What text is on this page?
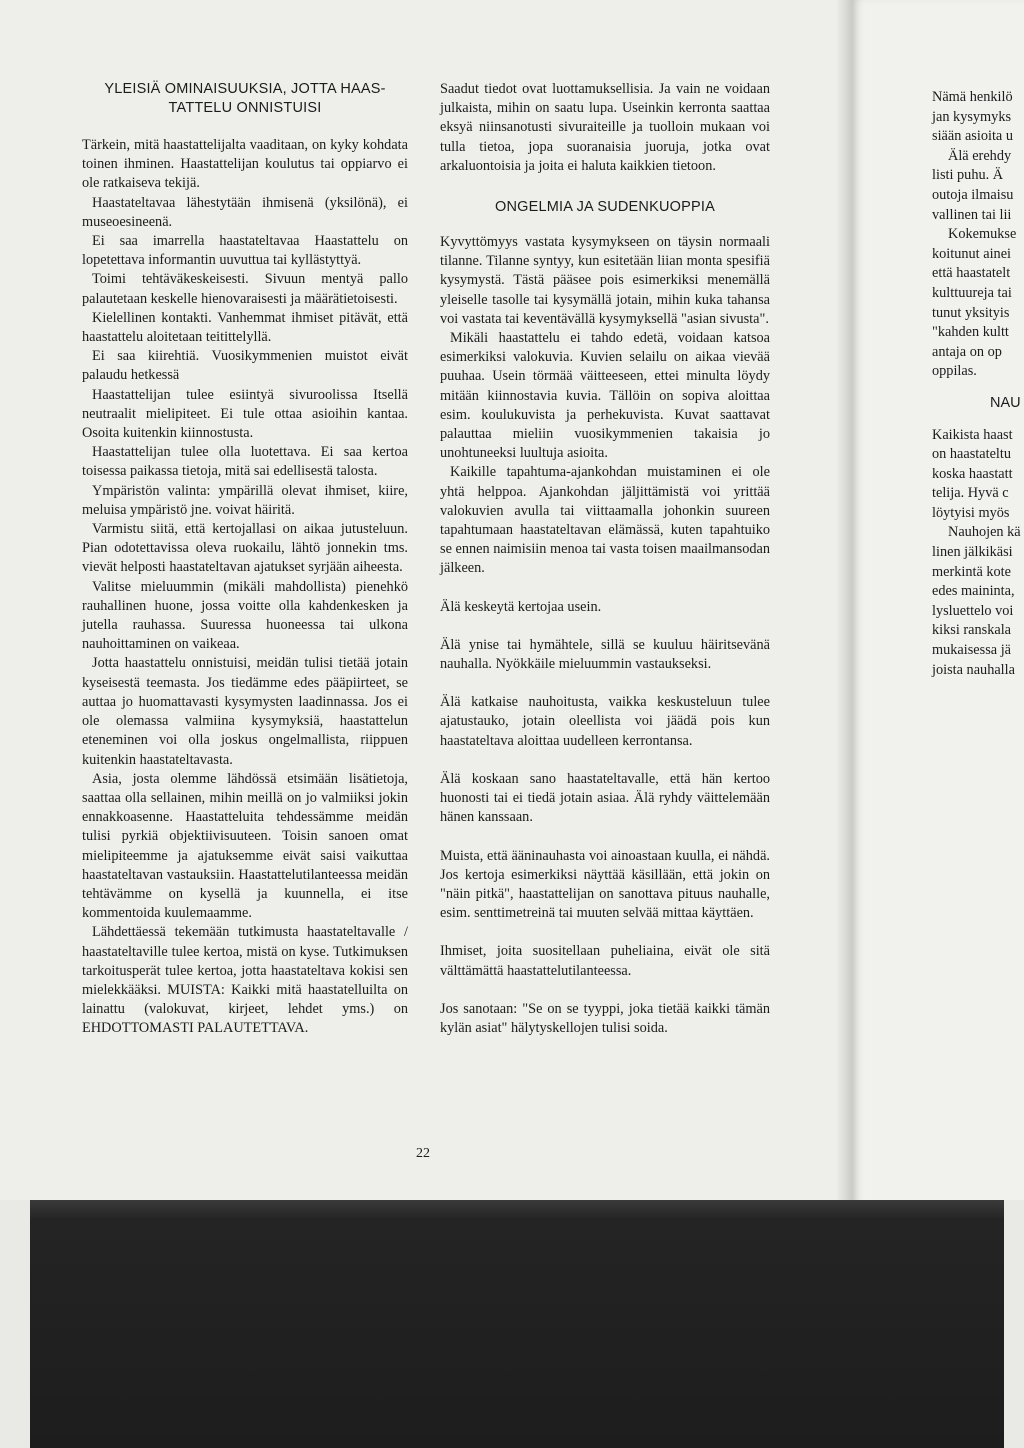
YLEISIÄ OMINAISUUKSIA, JOTTA HAAS-TATTELU ONNISTUISI

Tärkein, mitä haastattelijalta vaaditaan, on kyky kohdata toinen ihminen. Haastattelijan koulutus tai oppiarvo ei ole ratkaiseva tekijä.

Haastateltavaa lähestytään ihmisenä (yksilönä), ei museoesineenä.

Ei saa imarrella haastateltavaa Haastattelu on lopetettava informantin uuvuttua tai kyllästyttyä.

Toimi tehtäväkeskeisesti. Sivuun mentyä pallo palautetaan keskelle hienovaraisesti ja määrätietoisesti.

Kielellinen kontakti. Vanhemmat ihmiset pitävät, että haastattelu aloitetaan teitittelyllä.

Ei saa kiirehtiä. Vuosikymmenien muistot eivät palaudu hetkessä

Haastattelijan tulee esiintyä sivuroolissa Itsellä neutraalit mielipiteet. Ei tule ottaa asioihin kantaa. Osoita kuitenkin kiinnostusta.

Haastattelijan tulee olla luotettava. Ei saa kertoa toisessa paikassa tietoja, mitä sai edellisestä talosta.

Ympäristön valinta: ympärillä olevat ihmiset, kiire, meluisa ympäristö jne. voivat häiritä.

Varmistu siitä, että kertojallasi on aikaa jutusteluun. Pian odotettavissa oleva ruokailu, lähtö jonnekin tms. vievät helposti haastateltavan ajatukset syrjään aiheesta.

Valitse mieluummin (mikäli mahdollista) pienehkö rauhallinen huone, jossa voitte olla kahdenkesken ja jutella rauhassa. Suuressa huoneessa tai ulkona nauhoittaminen on vaikeaa.

Jotta haastattelu onnistuisi, meidän tulisi tietää jotain kyseisestä teemasta. Jos tiedämme edes pääpiirteet, se auttaa jo huomattavasti kysymysten laadinnassa. Jos ei ole olemassa valmiina kysymyksiä, haastattelun eteneminen voi olla joskus ongelmallista, riippuen kuitenkin haastateltavasta.

Asia, josta olemme lähdössä etsimään lisätietoja, saattaa olla sellainen, mihin meillä on jo valmiiksi jokin ennakkoasenne. Haastatteluita tehdessämme meidän tulisi pyrkiä objektiivisuuteen. Toisin sanoen omat mielipiteemme ja ajatuksemme eivät saisi vaikuttaa haastateltavan vastauksiin. Haastattelutilanteessa meidän tehtävämme on kysellä ja kuunnella, ei itse kommentoida kuulemaamme.

Lähdettäessä tekemään tutkimusta haastateltavalle / haastateltaville tulee kertoa, mistä on kyse. Tutkimuksen tarkoitusperät tulee kertoa, jotta haastateltava kokisi sen mielekkääksi. MUISTA: Kaikki mitä haastatelluilta on lainattu (valokuvat, kirjeet, lehdet yms.) on EHDOTTOMASTI PALAUTETTAVA.

Saadut tiedot ovat luottamuksellisia. Ja vain ne voidaan julkaista, mihin on saatu lupa. Useinkin kerronta saattaa eksyä niinsanotusti sivuraiteille ja tuolloin mukaan voi tulla tietoa, jopa suoranaisia juoruja, jotka ovat arkaluontoisia ja joita ei haluta kaikkien tietoon.

ONGELMIA JA SUDENKUOPPIA

Kyvyttömyys vastata kysymykseen on täysin normaali tilanne. Tilanne syntyy, kun esitetään liian monta spesifiä kysymystä. Tästä pääsee pois esimerkiksi menemällä yleiselle tasolle tai kysymällä jotain, mihin kuka tahansa voi vastata tai keventävällä kysymyksellä "asian sivusta".

Mikäli haastattelu ei tahdo edetä, voidaan katsoa esimerkiksi valokuvia. Kuvien selailu on aikaa vievää puuhaa. Usein törmää väitteeseen, ettei minulta löydy mitään kiinnostavia kuvia. Tällöin on sopiva aloittaa esim. koulukuvista ja perhekuvista. Kuvat saattavat palauttaa mieliin vuosikymmenien takaisia jo unohtuneeksi luultuja asioita.

Kaikille tapahtuma-ajankohdan muistaminen ei ole yhtä helppoa. Ajankohdan jäljittämistä voi yrittää valokuvien avulla tai viittaamalla johonkin suureen tapahtumaan haastateltavan elämässä, kuten tapahtuiko se ennen naimisiin menoa tai vasta toisen maailmansodan jälkeen.

Älä keskeytä kertojaa usein.

Älä ynise tai hymähtele, sillä se kuuluu häiritsevänä nauhalla. Nyökkäile mieluummin vastaukseksi.

Älä katkaise nauhoitusta, vaikka keskusteluun tulee ajatustauko, jotain oleellista voi jäädä pois kun haastateltava aloittaa uudelleen kerrontansa.

Älä koskaan sano haastateltavalle, että hän kertoo huonosti tai ei tiedä jotain asiaa. Älä ryhdy väittelemään hänen kanssaan.

Muista, että ääninauhasta voi ainoastaan kuulla, ei nähdä. Jos kertoja esimerkiksi näyttää käsillään, että jokin on "näin pitkä", haastattelijan on sanottava pituus nauhalle, esim. senttimetreinä tai muuten selvää mittaa käyttäen.

Ihmiset, joita suositellaan puheliaina, eivät ole sitä välttämättä haastattelutilanteessa.

Jos sanotaan: "Se on se tyyppi, joka tietää kaikki tämän kylän asiat" hälytyskellojen tulisi soida.

22
Nämä henkilö
jan kysymyks
siään asioita u
Älä erehdy
listi puhu. Ä
outoja ilmaisu
vallinen tai lii
Kokemukse
koitunut ainei
että haastatelt
kulttuureja tai
tunut yksityis
"kahden kultt
antaja on op
oppilas.
NAU
Kaikista haast
on haastateltu
koska haastatt
telija. Hyvä c
löytyisi myös
Nauhojen kä
linen jälkikäsi
merkintä kote
edes maininta,
lysluettelo voi
kiksi ranskala
mukaisessa jä
joista nauhalla
